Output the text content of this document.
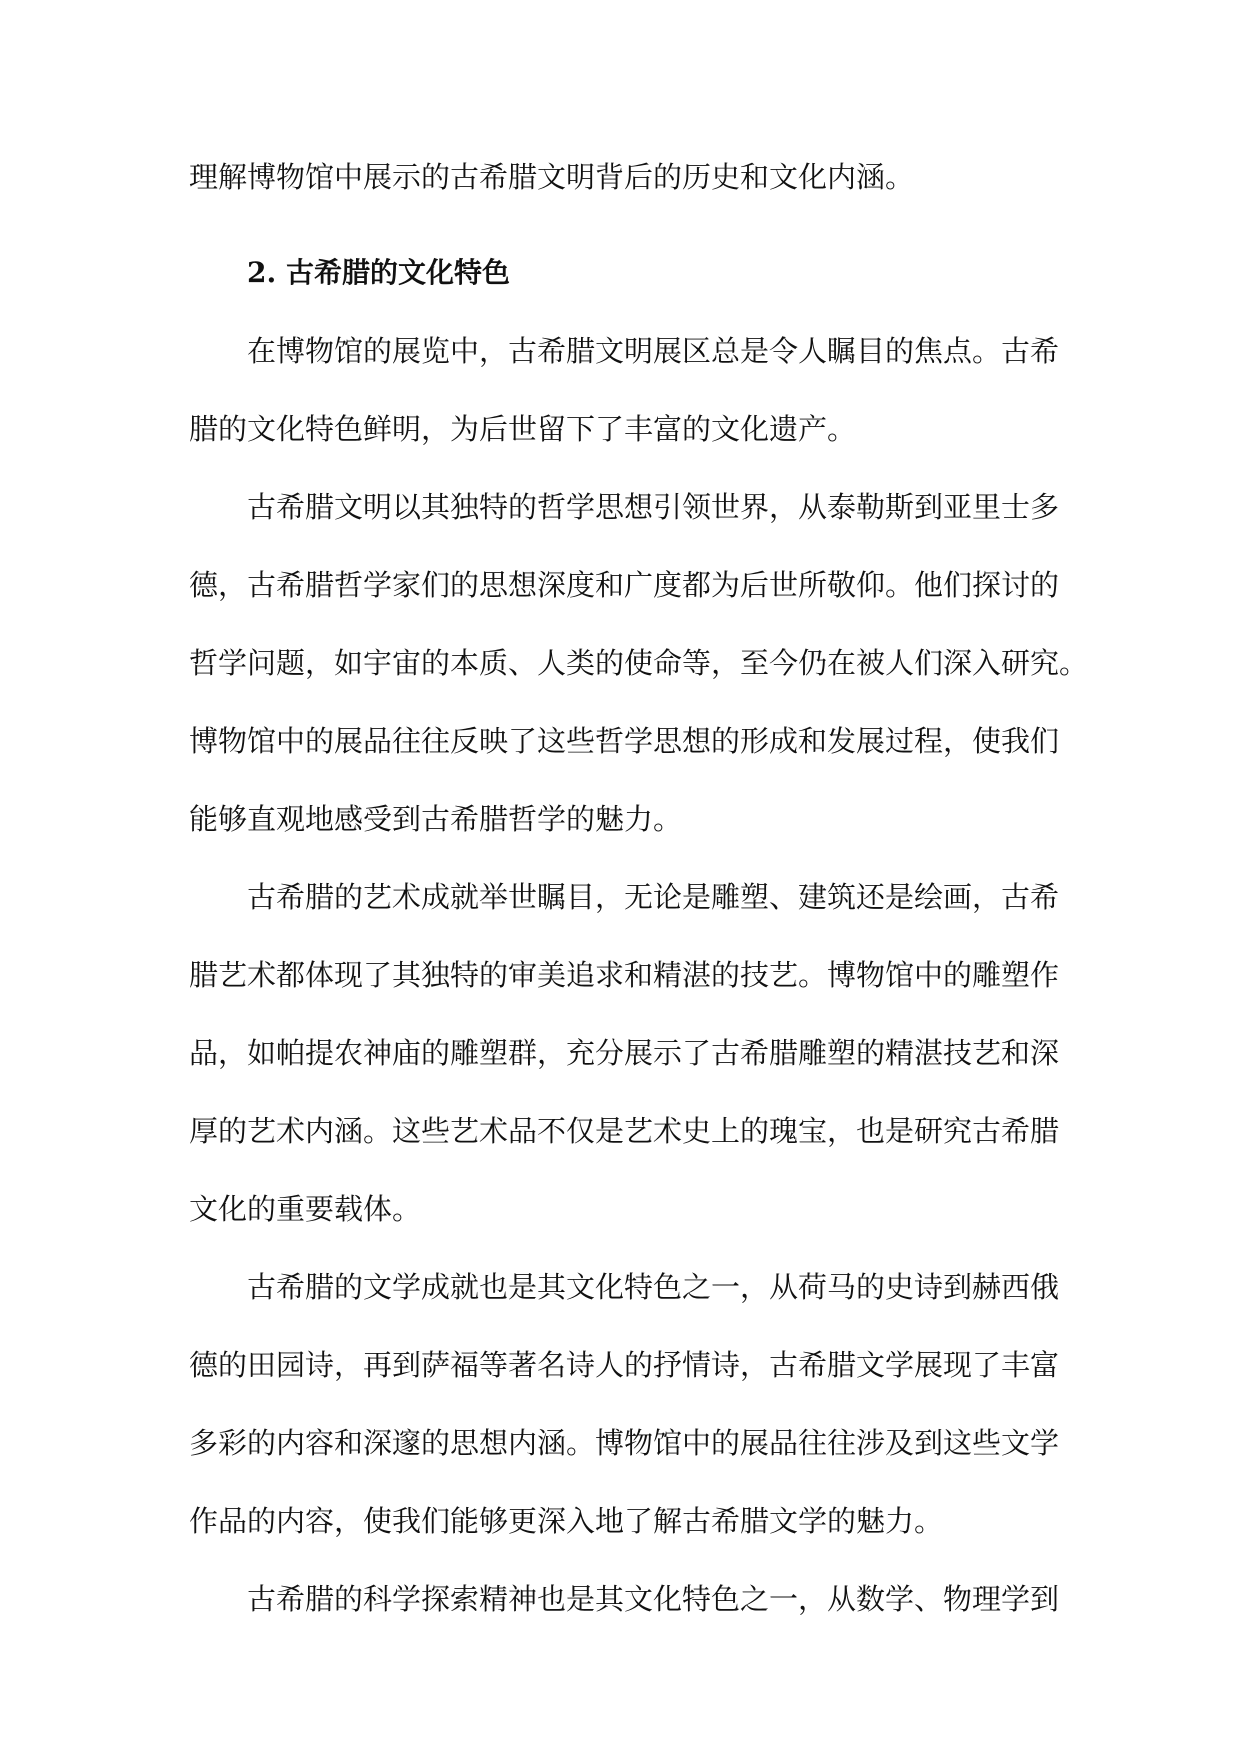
理解博物馆中展示的古希腊文明背后的历史和文化内涵。
2. 古希腊的文化特色
在博物馆的展览中，古希腊文明展区总是令人瞩目的焦点。古希
腊的文化特色鲜明，为后世留下了丰富的文化遗产。
古希腊文明以其独特的哲学思想引领世界，从泰勒斯到亚里士多
德，古希腊哲学家们的思想深度和广度都为后世所敬仰。他们探讨的
哲学问题，如宇宙的本质、人类的使命等，至今仍在被人们深入研究。
博物馆中的展品往往反映了这些哲学思想的形成和发展过程，使我们
能够直观地感受到古希腊哲学的魅力。
古希腊的艺术成就举世瞩目，无论是雕塑、建筑还是绘画，古希
腊艺术都体现了其独特的审美追求和精湛的技艺。博物馆中的雕塑作
品，如帕提农神庙的雕塑群，充分展示了古希腊雕塑的精湛技艺和深
厚的艺术内涵。这些艺术品不仅是艺术史上的瑰宝，也是研究古希腊
文化的重要载体。
古希腊的文学成就也是其文化特色之一，从荷马的史诗到赫西俄
德的田园诗，再到萨福等著名诗人的抒情诗，古希腊文学展现了丰富
多彩的内容和深邃的思想内涵。博物馆中的展品往往涉及到这些文学
作品的内容，使我们能够更深入地了解古希腊文学的魅力。
古希腊的科学探索精神也是其文化特色之一，从数学、物理学到
